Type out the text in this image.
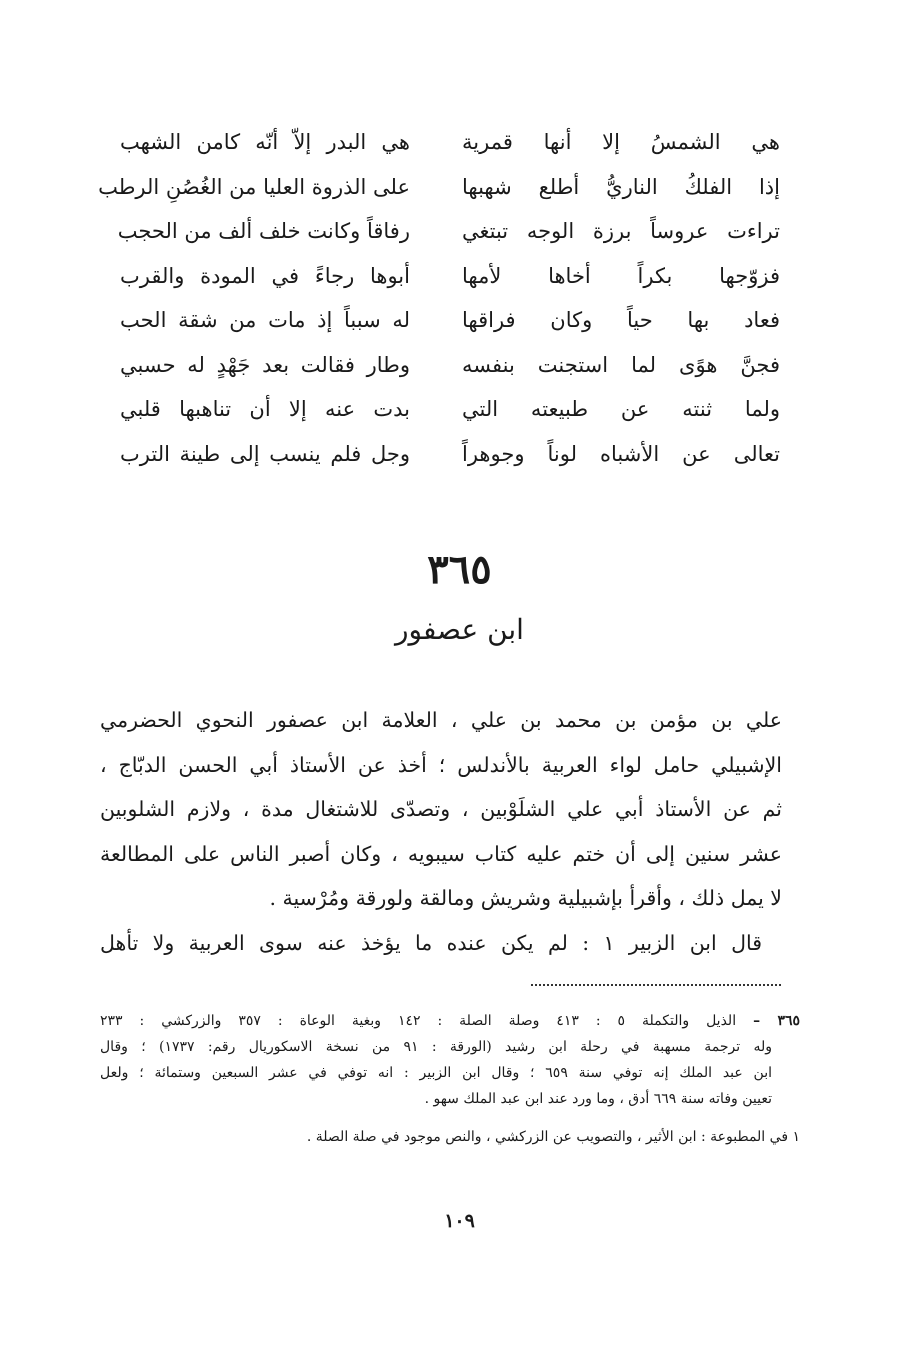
هي الشمسُ إلا أنها قمرية
هي البدر إلاّ أنّه كامن الشهب
إذا الفلكُ الناريُّ أطلع شهبها
على الذروة العليا من الغُصُنِ الرطب
تراءت عروساً برزة الوجه تبتغي
رفاقاً وكانت خلف ألف من الحجب
فزوّجها بكراً أخاها لأمها
أبوها رجاءً في المودة والقرب
فعاد بها حياً وكان فراقها
له سبباً إذ مات من شقة الحب
فجنَّ هوًى لما استجنت بنفسه
وطار فقالت بعد جَهْدٍ له حسبي
ولما ثنته عن طبيعته التي
بدت عنه إلا أن تناهبها قلبي
تعالى عن الأشباه لوناً وجوهراً
وجل فلم ينسب إلى طينة الترب
٣٦٥
ابن عصفور
علي بن مؤمن بن محمد بن علي ، العلامة ابن عصفور النحوي الحضرمي
الإشبيلي حامل لواء العربية بالأندلس ؛ أخذ عن الأستاذ أبي الحسن الدبّاج ،
ثم عن الأستاذ أبي علي الشلَوْبين ، وتصدّى للاشتغال مدة ، ولازم الشلوبين
عشر سنين إلى أن ختم عليه كتاب سيبويه ، وكان أصبر الناس على المطالعة
لا يمل ذلك ، وأقرأ بإشبيلية وشريش ومالقة ولورقة ومُرْسية .
قال ابن الزبير ١ : لم يكن عنده ما يؤخذ عنه سوى العربية ولا تأهل
٣٦٥ – الذيل والتكملة ٥ : ٤١٣ وصلة الصلة : ١٤٢ وبغية الوعاة : ٣٥٧ والزركشي : ٢٣٣
وله ترجمة مسهبة في رحلة ابن رشيد (الورقة : ٩١ من نسخة الاسكوريال رقم: ١٧٣٧) ؛ وقال
ابن عبد الملك إنه توفي سنة ٦٥٩ ؛ وقال ابن الزبير : انه توفي في عشر السبعين وستمائة ؛ ولعل
تعيين وفاته سنة ٦٦٩ أدق ، وما ورد عند ابن عبد الملك سهو .
١ في المطبوعة : ابن الأثير ، والتصويب عن الزركشي ، والنص موجود في صلة الصلة .
١٠٩
